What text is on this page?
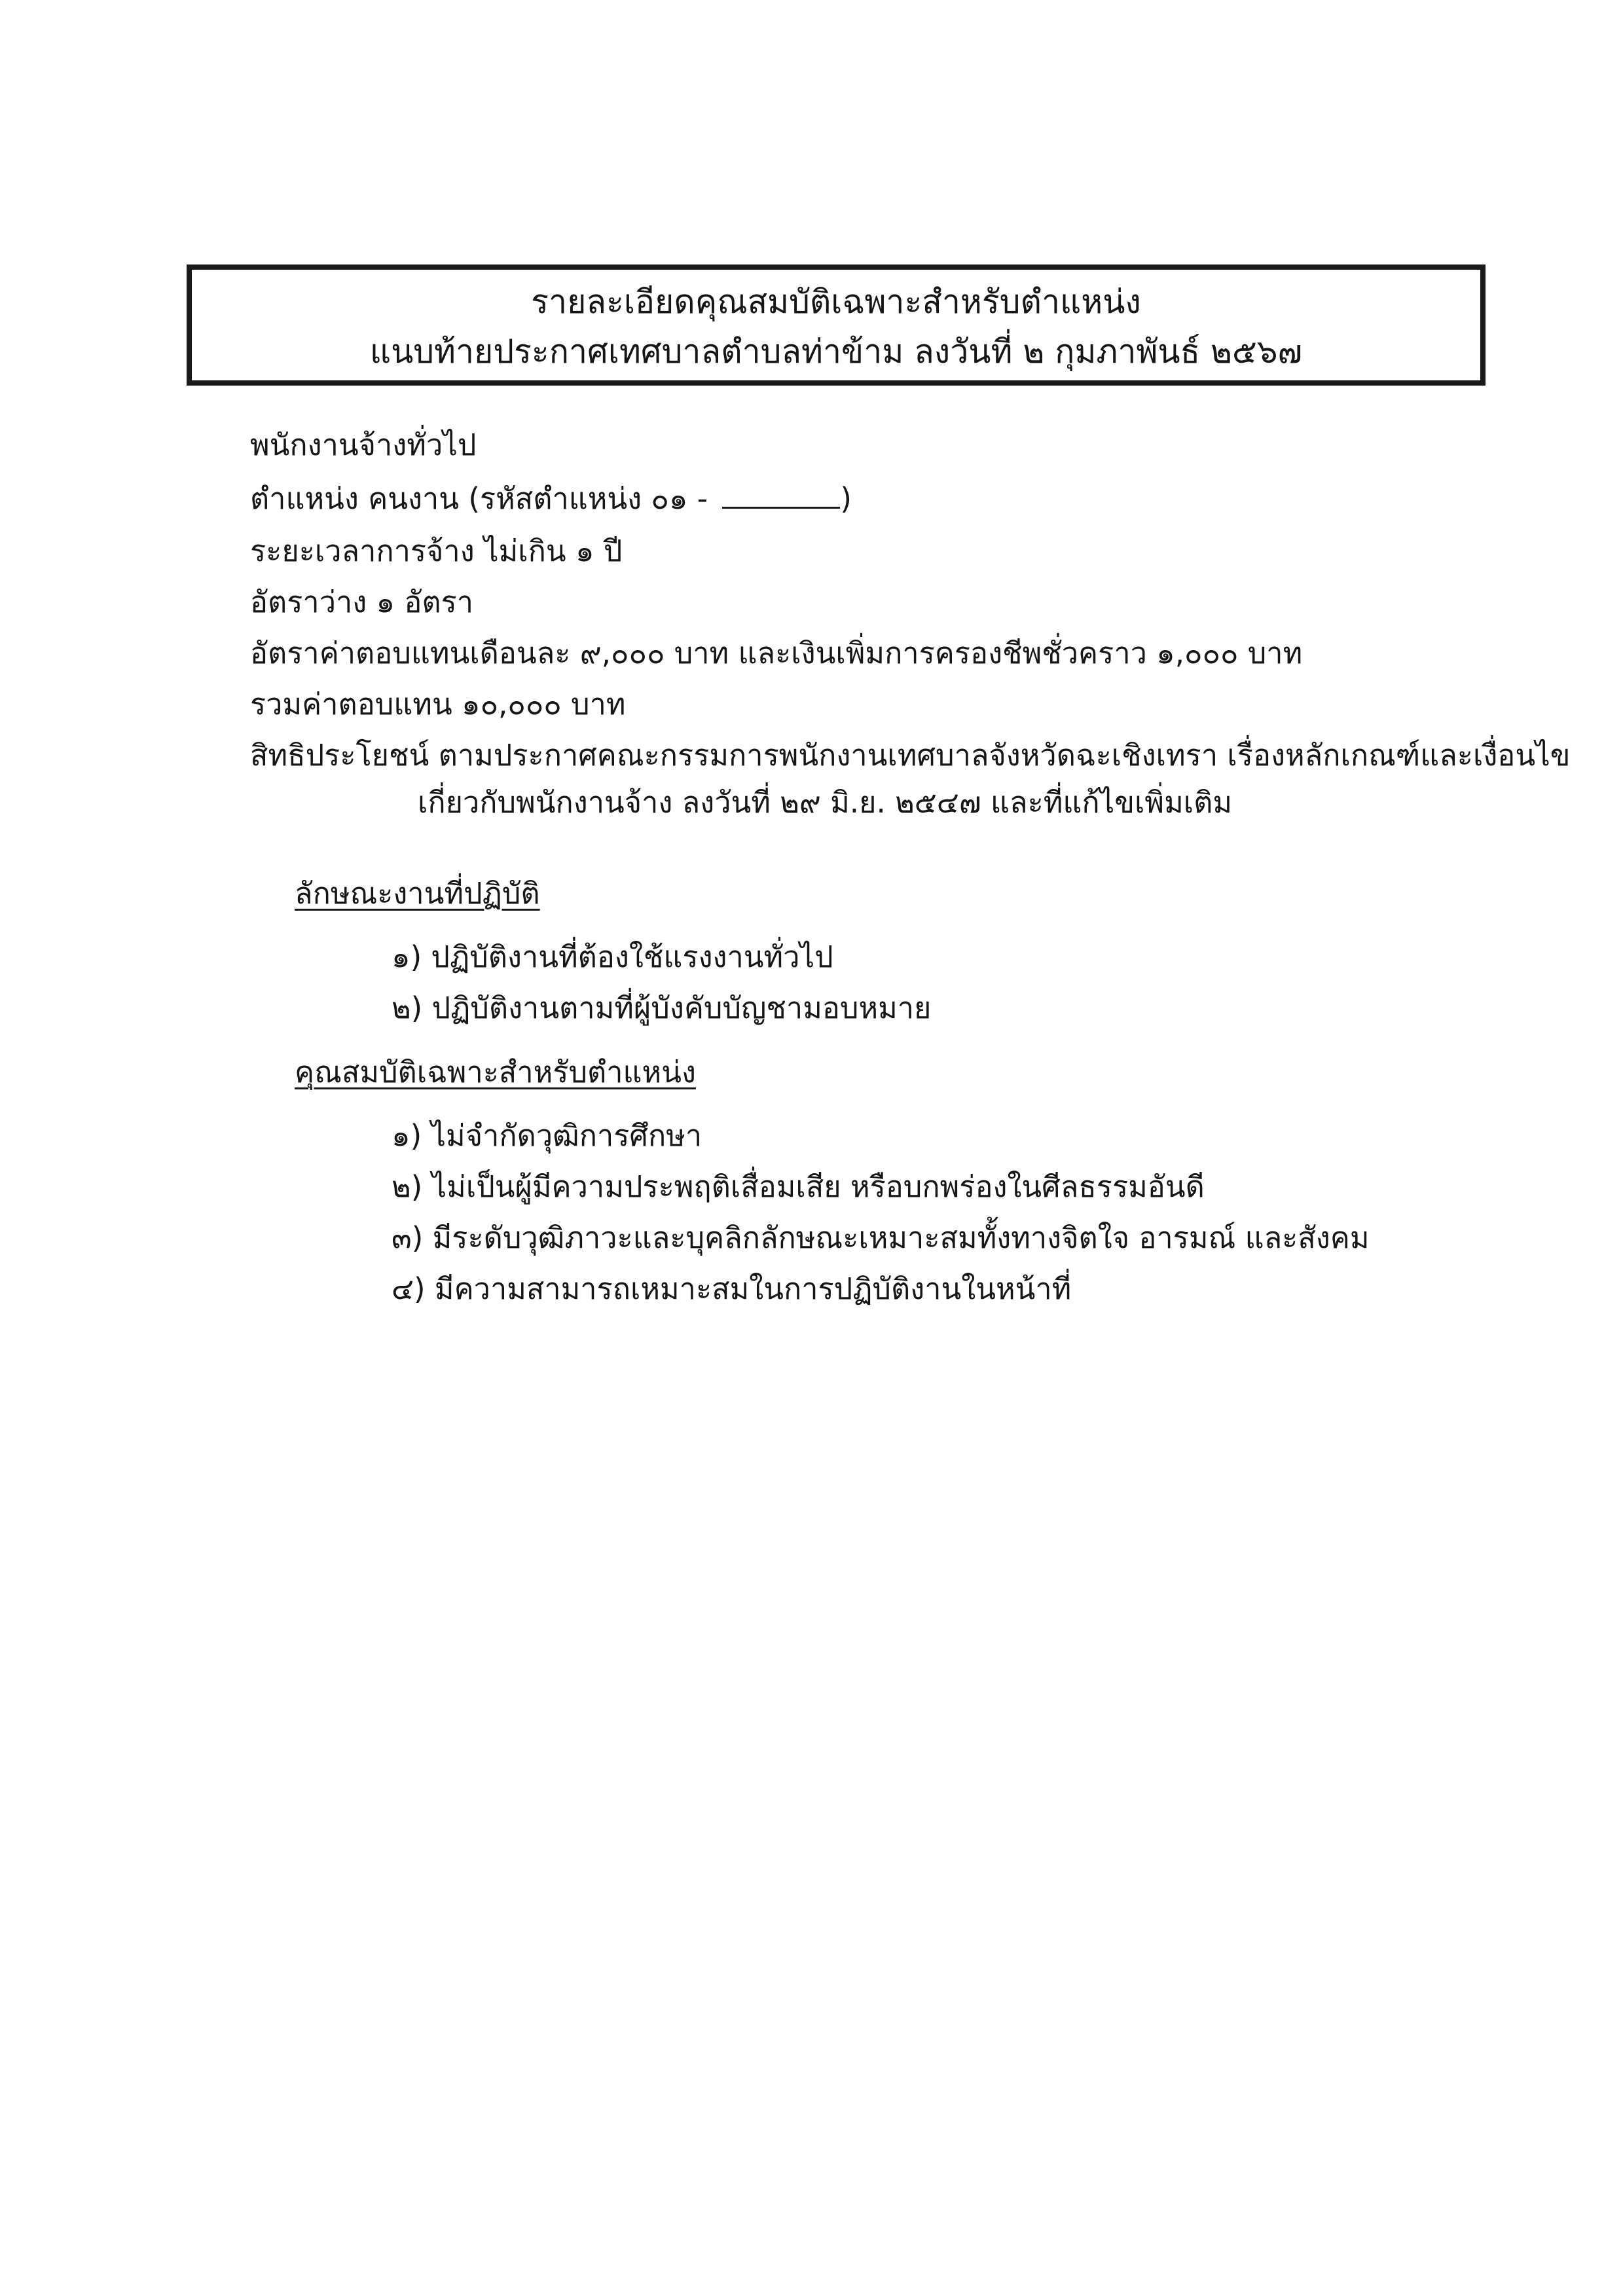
รายละเอียดคุณสมบัติเฉพาะสำหรับตำแหน่ง
แนบท้ายประกาศเทศบาลตำบลท่าข้าม ลงวันที่ ๒ กุมภาพันธ์ ๒๕๖๗
พนักงานจ้างทั่วไป
ตำแหน่ง คนงาน (รหัสตำแหน่ง ๐๑ -	)
ระยะเวลาการจ้าง ไม่เกิน ๑ ปี
อัตราว่าง ๑ อัตรา
อัตราค่าตอบแทนเดือนละ ๙,๐๐๐ บาท และเงินเพิ่มการครองชีพชั่วคราว ๑,๐๐๐ บาท
รวมค่าตอบแทน ๑๐,๐๐๐ บาท
สิทธิประโยชน์ ตามประกาศคณะกรรมการพนักงานเทศบาลจังหวัดฉะเชิงเทรา เรื่องหลักเกณฑ์และเงื่อนไข
เกี่ยวกับพนักงานจ้าง ลงวันที่ ๒๙ มิ.ย. ๒๕๔๗ และที่แก้ไขเพิ่มเติม
ลักษณะงานที่ปฏิบัติ
๑) ปฏิบัติงานที่ต้องใช้แรงงานทั่วไป
๒) ปฏิบัติงานตามที่ผู้บังคับบัญชามอบหมาย
คุณสมบัติเฉพาะสำหรับตำแหน่ง
๑) ไม่จำกัดวุฒิการศึกษา
๒) ไม่เป็นผู้มีความประพฤติเสื่อมเสีย หรือบกพร่องในศีลธรรมอันดี
๓) มีระดับวุฒิภาวะและบุคลิกลักษณะเหมาะสมทั้งทางจิตใจ อารมณ์ และสังคม
๔) มีความสามารถเหมาะสมในการปฏิบัติงานในหน้าที่
